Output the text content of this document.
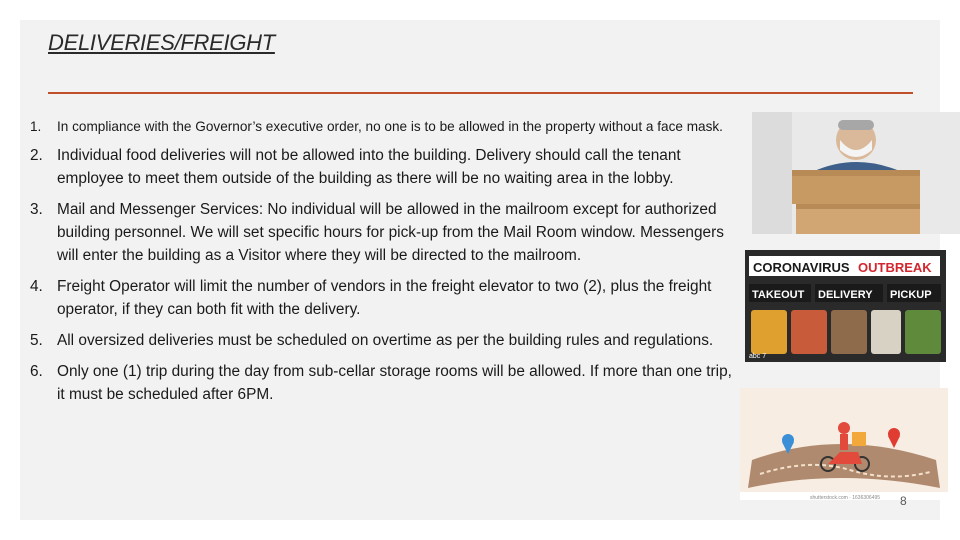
DELIVERIES/FREIGHT
1. In compliance with the Governor’s executive order, no one is to be allowed in the property without a face mask.
2. Individual food deliveries will not be allowed into the building. Delivery should call the tenant employee to meet them outside of the building as there will be no waiting area in the lobby.
3. Mail and Messenger Services: No individual will be allowed in the mailroom except for authorized building personnel. We will set specific hours for pick-up from the Mail Room window. Messengers will enter the building as a Visitor where they will be directed to the mailroom.
4. Freight Operator will limit the number of vendors in the freight elevator to two (2), plus the freight operator, if they can both fit with the delivery.
5. All oversized deliveries must be scheduled on overtime as per the building rules and regulations.
6. Only one (1) trip during the day from sub-cellar storage rooms will be allowed. If more than one trip, it must be scheduled after 6PM.
CORONAVIRUS OUTBREAK
TAKEOUT DELIVERY PICKUP
abc 7
shutterstock.com · 1636306495 8
